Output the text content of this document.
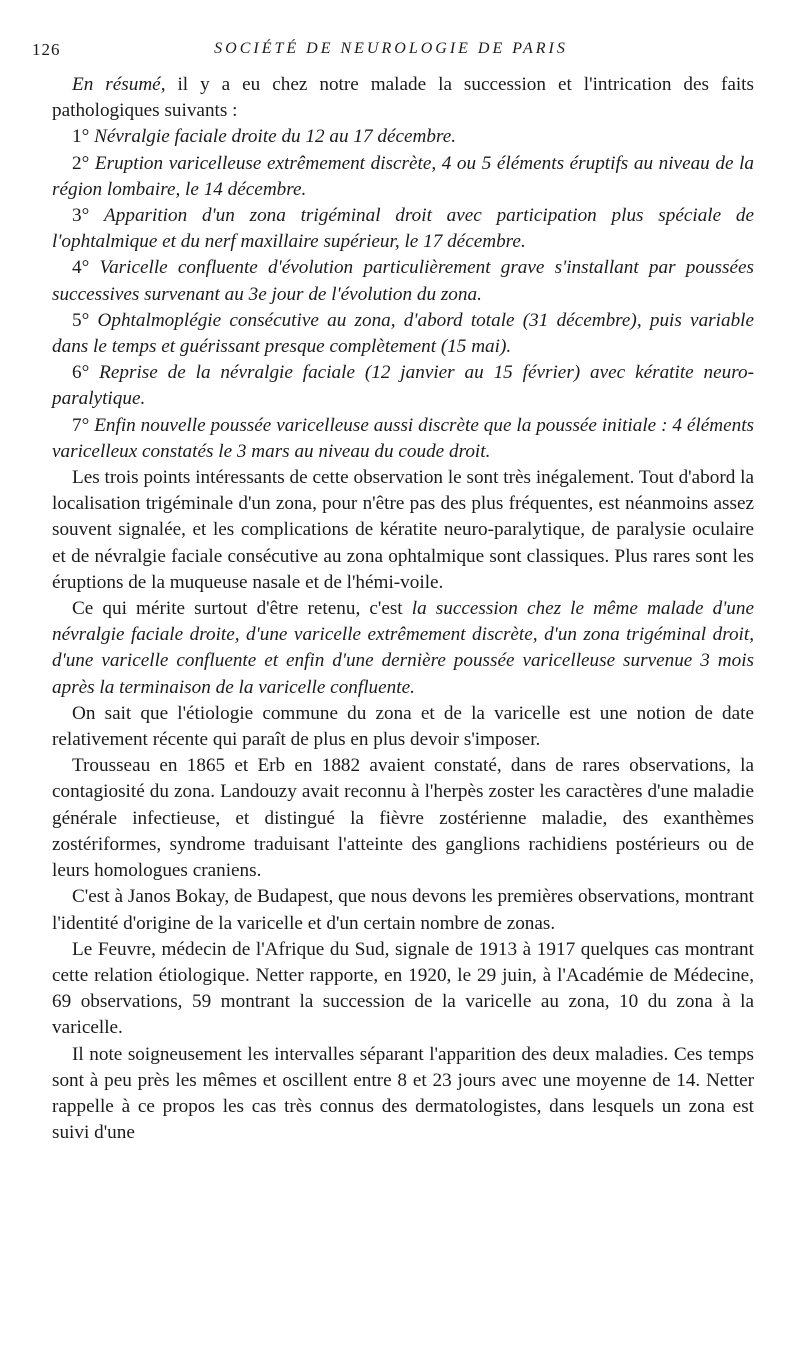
126	SOCIÉTÉ DE NEUROLOGIE DE PARIS

En résumé, il y a eu chez notre malade la succession et l'intrication des faits pathologiques suivants :

1° Névralgie faciale droite du 12 au 17 décembre.

2° Eruption varicelleuse extrêmement discrète, 4 ou 5 éléments éruptifs au niveau de la région lombaire, le 14 décembre.

3° Apparition d'un zona trigéminal droit avec participation plus spéciale de l'ophtalmique et du nerf maxillaire supérieur, le 17 décembre.

4° Varicelle confluente d'évolution particulièrement grave s'installant par poussées successives survenant au 3e jour de l'évolution du zona.

5° Ophtalmoplégie consécutive au zona, d'abord totale (31 décembre), puis variable dans le temps et guérissant presque complètement (15 mai).

6° Reprise de la névralgie faciale (12 janvier au 15 février) avec kératite neuro-paralytique.

7° Enfin nouvelle poussée varicelleuse aussi discrète que la poussée initiale : 4 éléments varicelleux constatés le 3 mars au niveau du coude droit.

Les trois points intéressants de cette observation le sont très inégalement. Tout d'abord la localisation trigéminale d'un zona, pour n'être pas des plus fréquentes, est néanmoins assez souvent signalée, et les complications de kératite neuro-paralytique, de paralysie oculaire et de névralgie faciale consécutive au zona ophtalmique sont classiques. Plus rares sont les éruptions de la muqueuse nasale et de l'hémi-voile.

Ce qui mérite surtout d'être retenu, c'est la succession chez le même malade d'une névralgie faciale droite, d'une varicelle extrêmement discrète, d'un zona trigéminal droit, d'une varicelle confluente et enfin d'une dernière poussée varicelleuse survenue 3 mois après la terminaison de la varicelle confluente.

On sait que l'étiologie commune du zona et de la varicelle est une notion de date relativement récente qui paraît de plus en plus devoir s'imposer.

Trousseau en 1865 et Erb en 1882 avaient constaté, dans de rares observations, la contagiosité du zona. Landouzy avait reconnu à l'herpès zoster les caractères d'une maladie générale infectieuse, et distingué la fièvre zostérienne maladie, des exanthèmes zostériformes, syndrome traduisant l'atteinte des ganglions rachidiens postérieurs ou de leurs homologues craniens.

C'est à Janos Bokay, de Budapest, que nous devons les premières observations, montrant l'identité d'origine de la varicelle et d'un certain nombre de zonas.

Le Feuvre, médecin de l'Afrique du Sud, signale de 1913 à 1917 quelques cas montrant cette relation étiologique. Netter rapporte, en 1920, le 29 juin, à l'Académie de Médecine, 69 observations, 59 montrant la succession de la varicelle au zona, 10 du zona à la varicelle.

Il note soigneusement les intervalles séparant l'apparition des deux maladies. Ces temps sont à peu près les mêmes et oscillent entre 8 et 23 jours avec une moyenne de 14. Netter rappelle à ce propos les cas très connus des dermatologistes, dans lesquels un zona est suivi d'une
